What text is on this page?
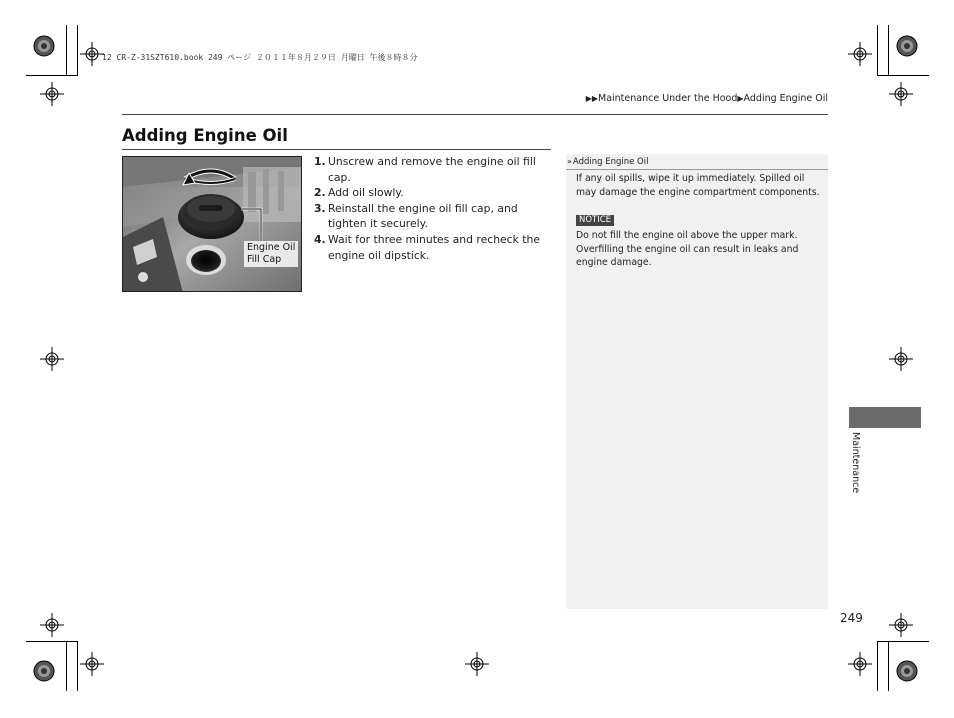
12 CR-Z-31SZT610.book 249 ページ ２０１１年８月２９日 月曜日 午後８時８分
▶▶Maintenance Under the Hood▶Adding Engine Oil
Adding Engine Oil
Engine Oil
Fill Cap
1. Unscrew and remove the engine oil fill cap.
2. Add oil slowly.
3. Reinstall the engine oil fill cap, and tighten it securely.
4. Wait for three minutes and recheck the engine oil dipstick.
» Adding Engine Oil

If any oil spills, wipe it up immediately. Spilled oil may damage the engine compartment components.

NOTICE

Do not fill the engine oil above the upper mark. Overfilling the engine oil can result in leaks and engine damage.

Maintenance
249
